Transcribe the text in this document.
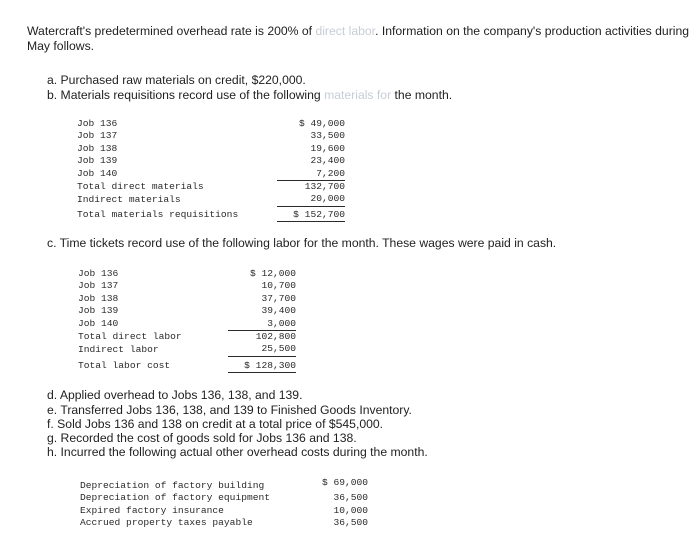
Watercraft's predetermined overhead rate is 200% of direct labor. Information on the company's production activities during May follows.
a. Purchased raw materials on credit, $220,000.
b. Materials requisitions record use of the following materials for the month.
Job 136	$ 49,000
Job 137	33,500
Job 138	19,600
Job 139	23,400
Job 140	7,200
Total direct materials	132,700
Indirect materials	20,000
Total materials requisitions	$ 152,700
c. Time tickets record use of the following labor for the month. These wages were paid in cash.
Job 136	$ 12,000
Job 137	10,700
Job 138	37,700
Job 139	39,400
Job 140	3,000
Total direct labor	102,800
Indirect labor	25,500
Total labor cost	$ 128,300
d. Applied overhead to Jobs 136, 138, and 139.
e. Transferred Jobs 136, 138, and 139 to Finished Goods Inventory.
f. Sold Jobs 136 and 138 on credit at a total price of $545,000.
g. Recorded the cost of goods sold for Jobs 136 and 138.
h. Incurred the following actual other overhead costs during the month.
Depreciation of factory building	$ 69,000
Depreciation of factory equipment	36,500
Expired factory insurance	10,000
Accrued property taxes payable	36,500
